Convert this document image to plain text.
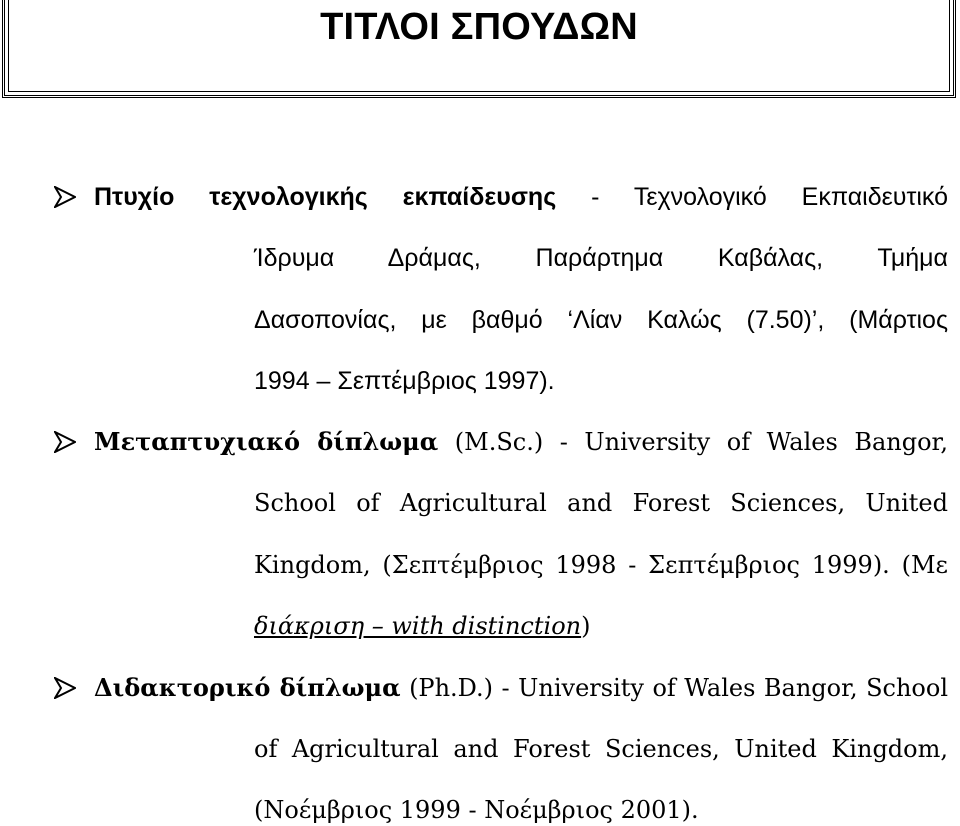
ΤΙΤΛΟΙ ΣΠΟΥΔΩΝ
Πτυχίο τεχνολογικής εκπαίδευσης - Τεχνολογικό Εκπαιδευτικό
Ίδρυμα Δράμας, Παράρτημα Καβάλας, Τμήμα
Δασοπονίας, με βαθμό ‘Λίαν Καλώς (7.50)’, (Μάρτιος
1994 – Σεπτέμβριος 1997).
Μεταπτυχιακό δίπλωμα (M.Sc.) - University of Wales Bangor,
School of Agricultural and Forest Sciences, United
Kingdom, (Σεπτέμβριος 1998 - Σεπτέμβριος 1999). (Με
διάκριση – with distinction)
Διδακτορικό δίπλωμα (Ph.D.) - University of Wales Bangor, School
of Agricultural and Forest Sciences, United Kingdom,
(Νοέμβριος 1999 - Νοέμβριος 2001).
